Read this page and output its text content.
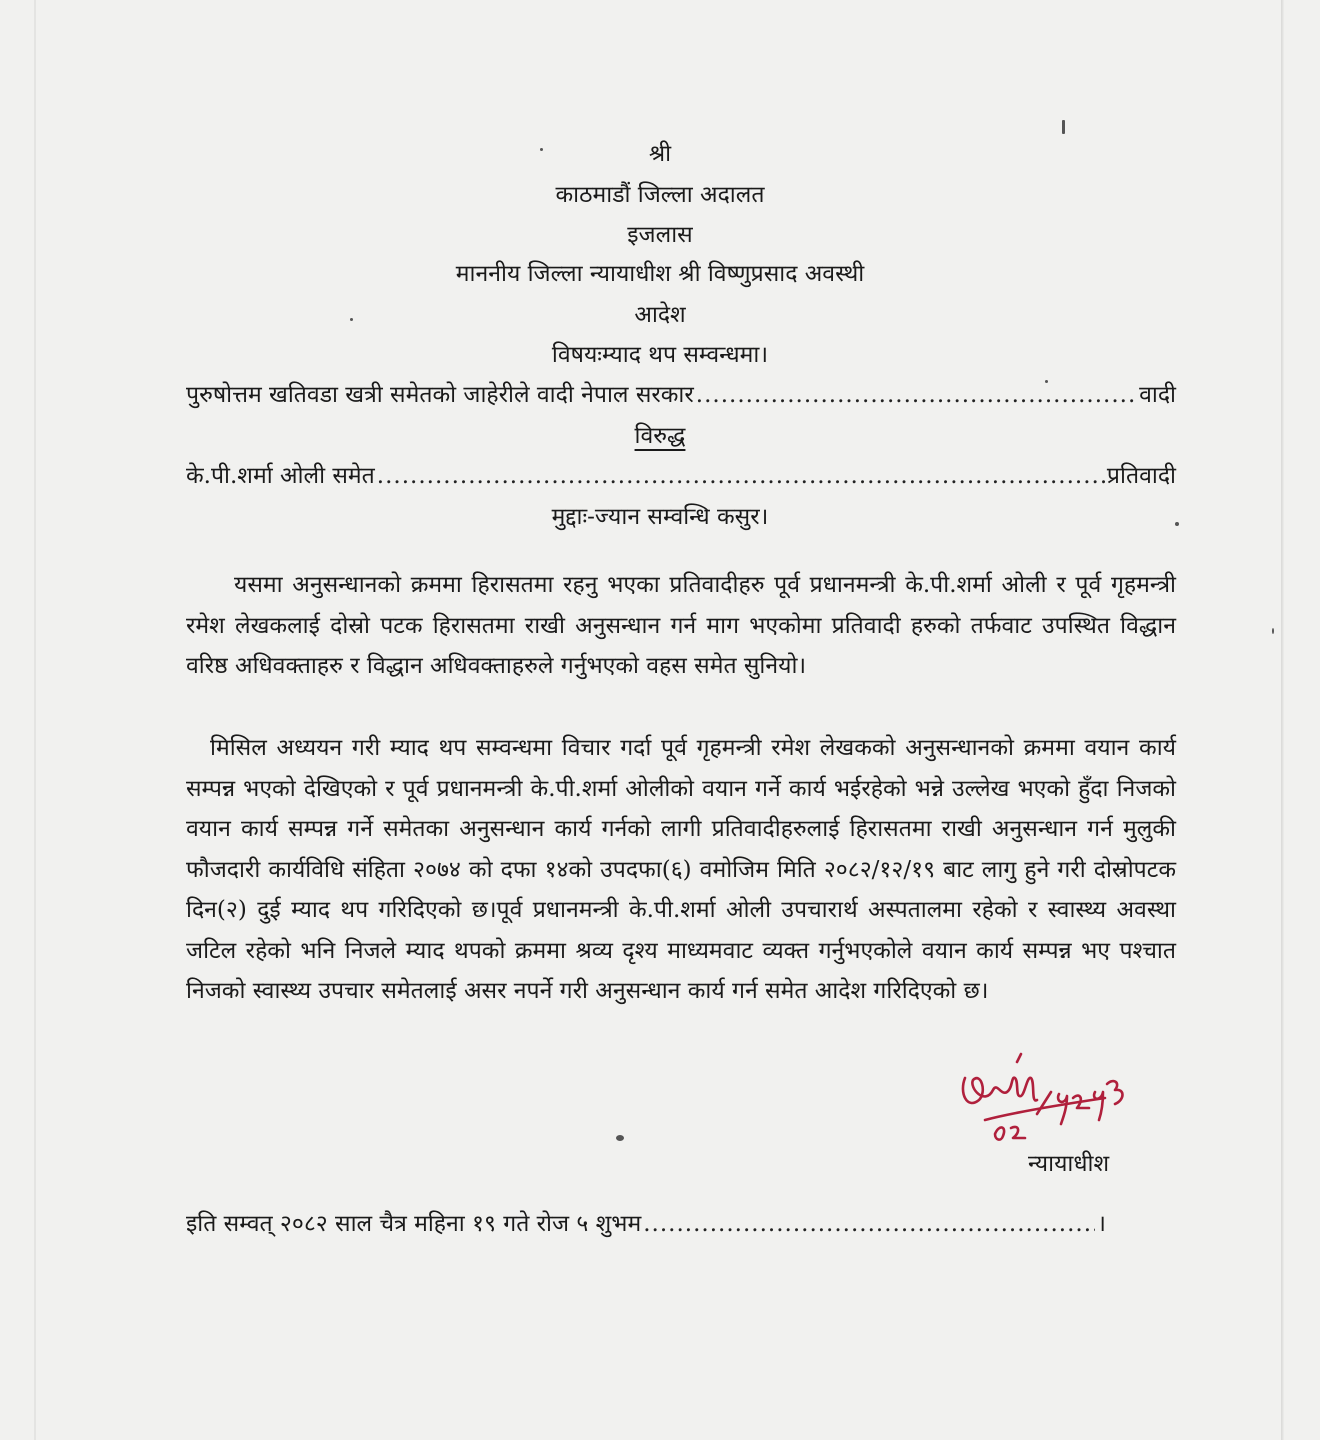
श्री
काठमाडौं जिल्ला अदालत
इजलास
माननीय जिल्ला न्यायाधीश श्री विष्णुप्रसाद अवस्थी
आदेश
विषयःम्याद थप सम्वन्धमा।
पुरुषोत्तम खतिवडा खत्री समेतको जाहेरीले वादी नेपाल सरकार .....	वादी
विरुद्ध
के.पी.शर्मा ओली समेत .....	प्रतिवादी
मुद्दाः-ज्यान सम्वन्धि कसुर।

यसमा अनुसन्धानको क्रममा हिरासतमा रहनु भएका प्रतिवादीहरु पूर्व प्रधानमन्त्री के.पी.शर्मा ओली र पूर्व गृहमन्त्री रमेश लेखकलाई दोस्रो पटक हिरासतमा राखी अनुसन्धान गर्न माग भएकोमा प्रतिवादी हरुको तर्फवाट उपस्थित विद्धान वरिष्ठ अधिवक्ताहरु र विद्धान अधिवक्ताहरुले गर्नुभएको वहस समेत सुनियो।

मिसिल अध्ययन गरी म्याद थप सम्वन्धमा विचार गर्दा पूर्व गृहमन्त्री रमेश लेखकको अनुसन्धानको क्रममा वयान कार्य सम्पन्न भएको देखिएको र पूर्व प्रधानमन्त्री के.पी.शर्मा ओलीको वयान गर्ने कार्य भईरहेको भन्ने उल्लेख भएको हुँदा निजको वयान कार्य सम्पन्न गर्ने समेतका अनुसन्धान कार्य गर्नको लागी प्रतिवादीहरुलाई हिरासतमा राखी अनुसन्धान गर्न मुलुकी फौजदारी कार्यविधि संहिता २०७४ को दफा १४को उपदफा(६) वमोजिम मिति २०८२/१२/१९ बाट लागु हुने गरी दोस्रोपटक दिन(२) दुई म्याद थप गरिदिएको छ।पूर्व प्रधानमन्त्री के.पी.शर्मा ओली उपचारार्थ अस्पतालमा रहेको र स्वास्थ्य अवस्था जटिल रहेको भनि निजले म्याद थपको क्रममा श्रव्य दृश्य माध्यमवाट व्यक्त गर्नुभएकोले वयान कार्य सम्पन्न भए पश्चात निजको स्वास्थ्य उपचार समेतलाई असर नपर्ने गरी अनुसन्धान कार्य गर्न समेत आदेश गरिदिएको छ।

न्यायाधीश
इति सम्वत् २०८२ साल चैत्र महिना १९ गते रोज ५ शुभम .....	।
